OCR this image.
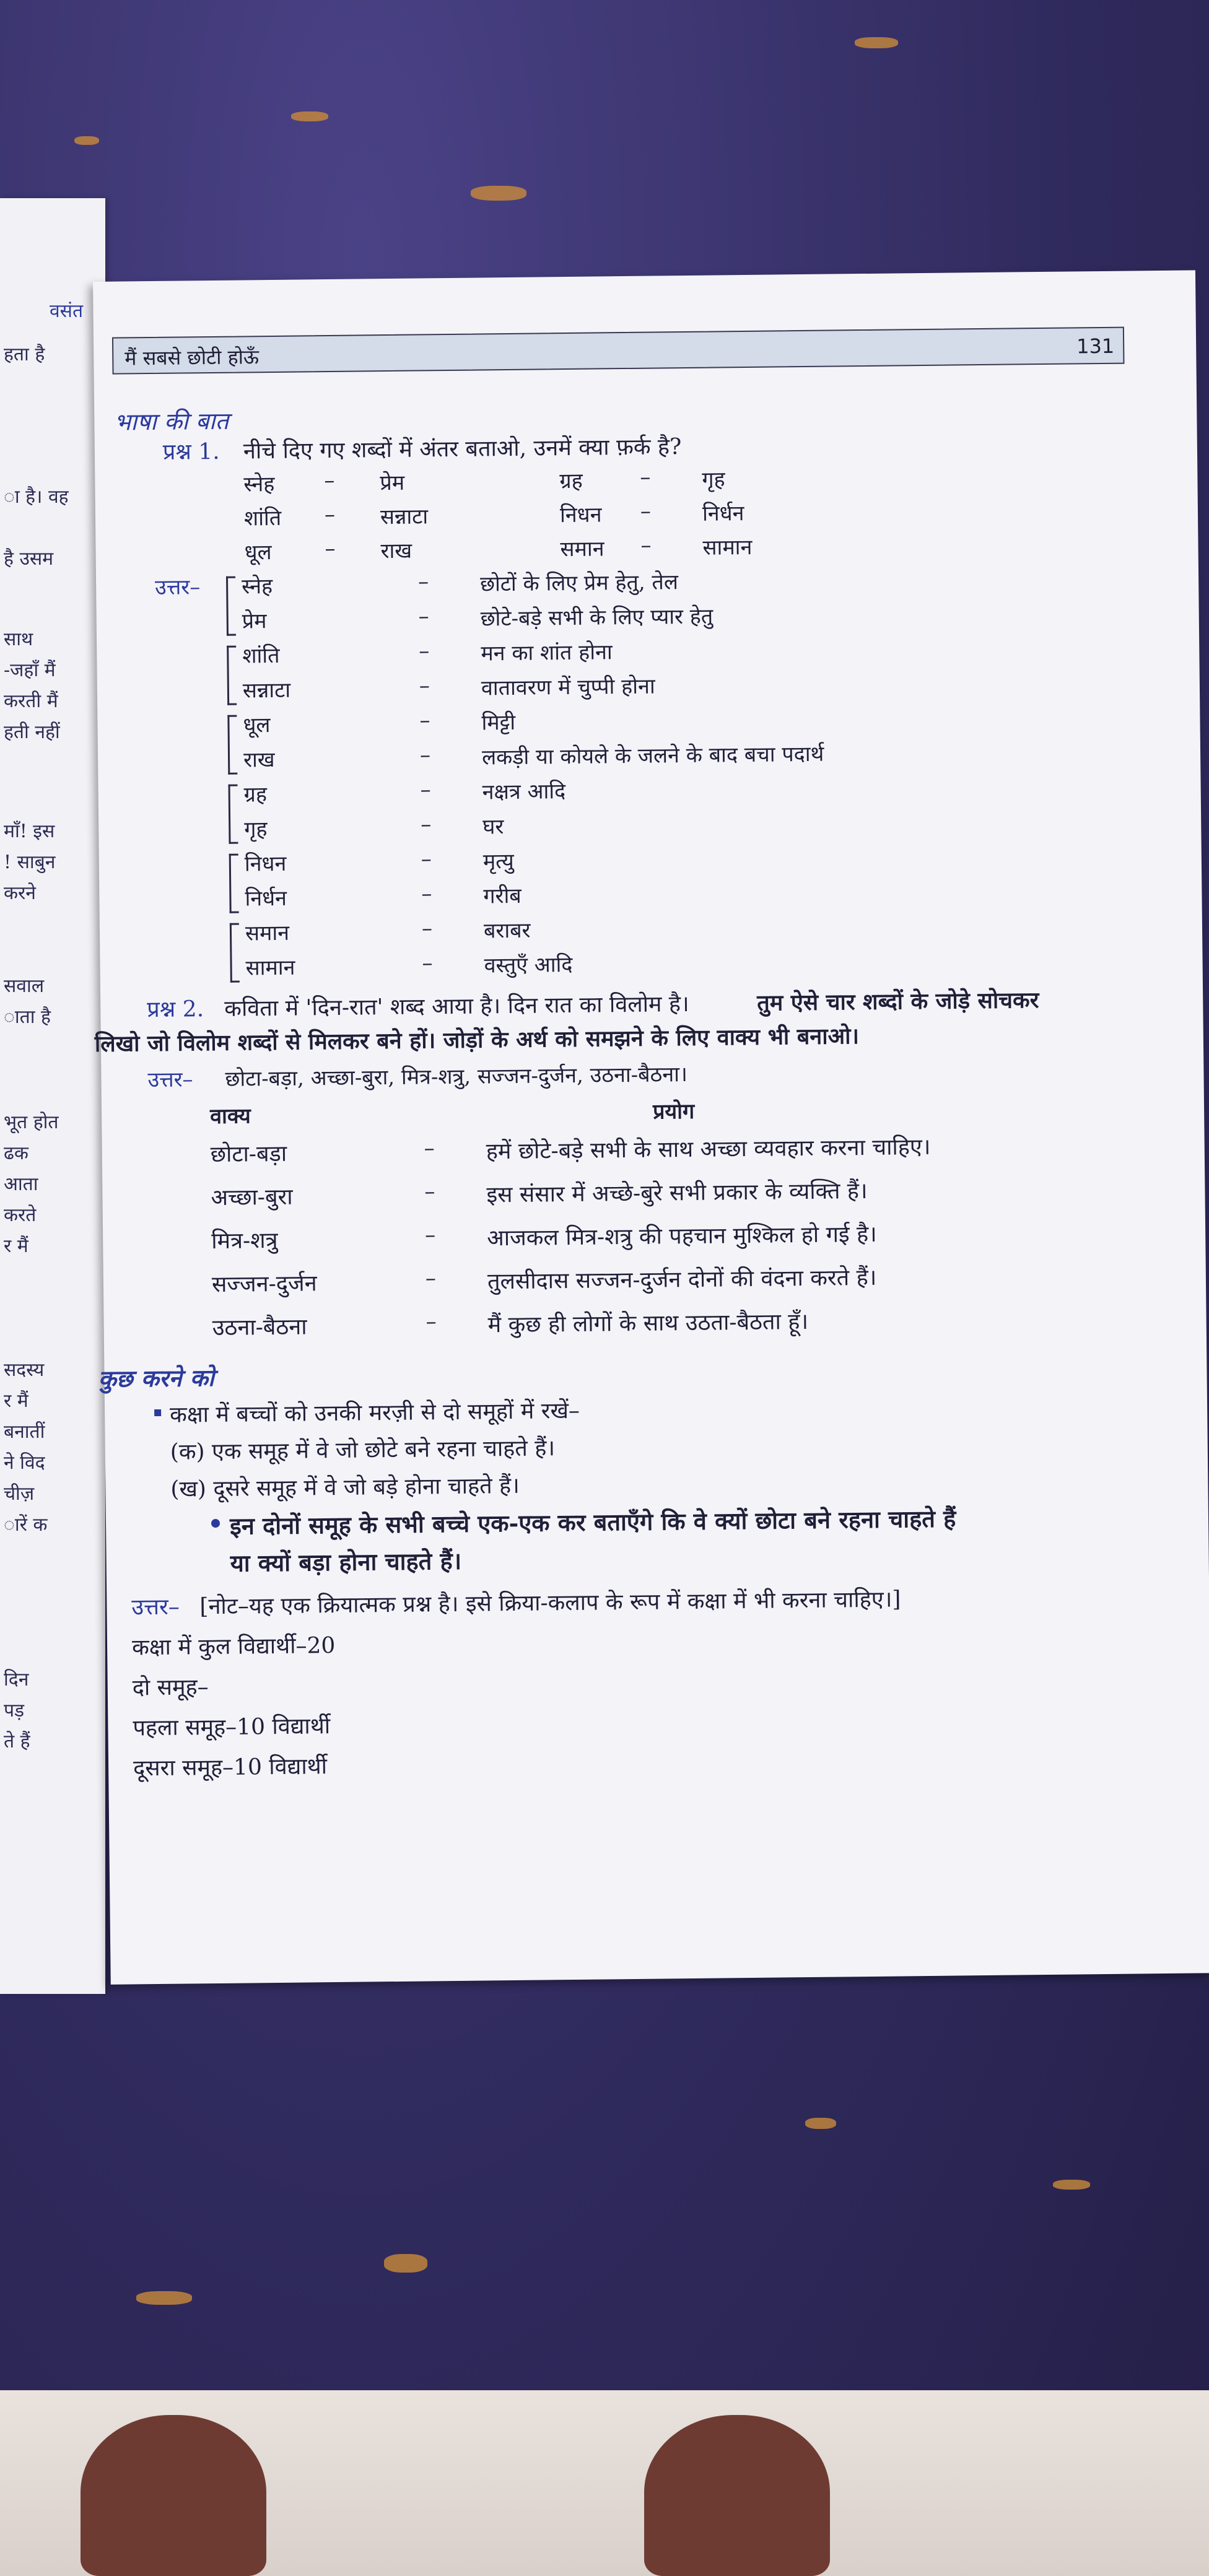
वसंत
हता है
ा है। वह
है उसम
साथ
-जहाँ मैं
करती मैं
हती नहीं
माँ! इस
! साबुन
करने
सवाल
ाता है
भूत होत
ढक
आता
करते
र मैं
सदस्य
र मैं
बनातीं
ने विद
चीज़
ारें क
दिन
पड़
ते हैं
मैं सबसे छोटी होऊँ	131
भाषा की बात
प्रश्न 1. नीचे दिए गए शब्दों में अंतर बताओ, उनमें क्या फ़र्क है?
स्नेह – प्रेम	ग्रह	– गृह
शांति – सन्नाटा	निधन – निर्धन
धूल	– राख	समान – सामान
उत्तर– स्नेह	– छोटों के लिए प्रेम हेतु, तेल
प्रेम	– छोटे-बड़े सभी के लिए प्यार हेतु
शांति	– मन का शांत होना
सन्नाटा	– वातावरण में चुप्पी होना
धूल	– मिट्टी
राख	– लकड़ी या कोयले के जलने के बाद बचा पदार्थ
ग्रह	– नक्षत्र आदि
गृह	– घर
निधन	– मृत्यु
निर्धन	– गरीब
समान	– बराबर
सामान	– वस्तुएँ आदि
प्रश्न 2. कविता में 'दिन-रात' शब्द आया है। दिन रात का विलोम है।	तुम ऐसे चार शब्दों के जोड़े सोचकर
लिखो जो विलोम शब्दों से मिलकर बने हों। जोड़ों के अर्थ को समझने के लिए वाक्य भी बनाओ।
उत्तर– छोटा-बड़ा, अच्छा-बुरा, मित्र-शत्रु, सज्जन-दुर्जन, उठना-बैठना।
वाक्य	प्रयोग
छोटा-बड़ा	– हमें छोटे-बड़े सभी के साथ अच्छा व्यवहार करना चाहिए।
अच्छा-बुरा	– इस संसार में अच्छे-बुरे सभी प्रकार के व्यक्ति हैं।
मित्र-शत्रु	– आजकल मित्र-शत्रु की पहचान मुश्किल हो गई है।
सज्जन-दुर्जन	– तुलसीदास सज्जन-दुर्जन दोनों की वंदना करते हैं।
उठना-बैठना	– मैं कुछ ही लोगों के साथ उठता-बैठता हूँ।
कुछ करने को
कक्षा में बच्चों को उनकी मरज़ी से दो समूहों में रखें–
(क) एक समूह में वे जो छोटे बने रहना चाहते हैं।
(ख) दूसरे समूह में वे जो बड़े होना चाहते हैं।
इन दोनों समूह के सभी बच्चे एक-एक कर बताएँगे कि वे क्यों छोटा बने रहना चाहते हैं
या क्यों बड़ा होना चाहते हैं।
उत्तर– [नोट–यह एक क्रियात्मक प्रश्न है। इसे क्रिया-कलाप के रूप में कक्षा में भी करना चाहिए।]
कक्षा में कुल विद्यार्थी–20
दो समूह–
पहला समूह–10 विद्यार्थी
दूसरा समूह–10 विद्यार्थी
